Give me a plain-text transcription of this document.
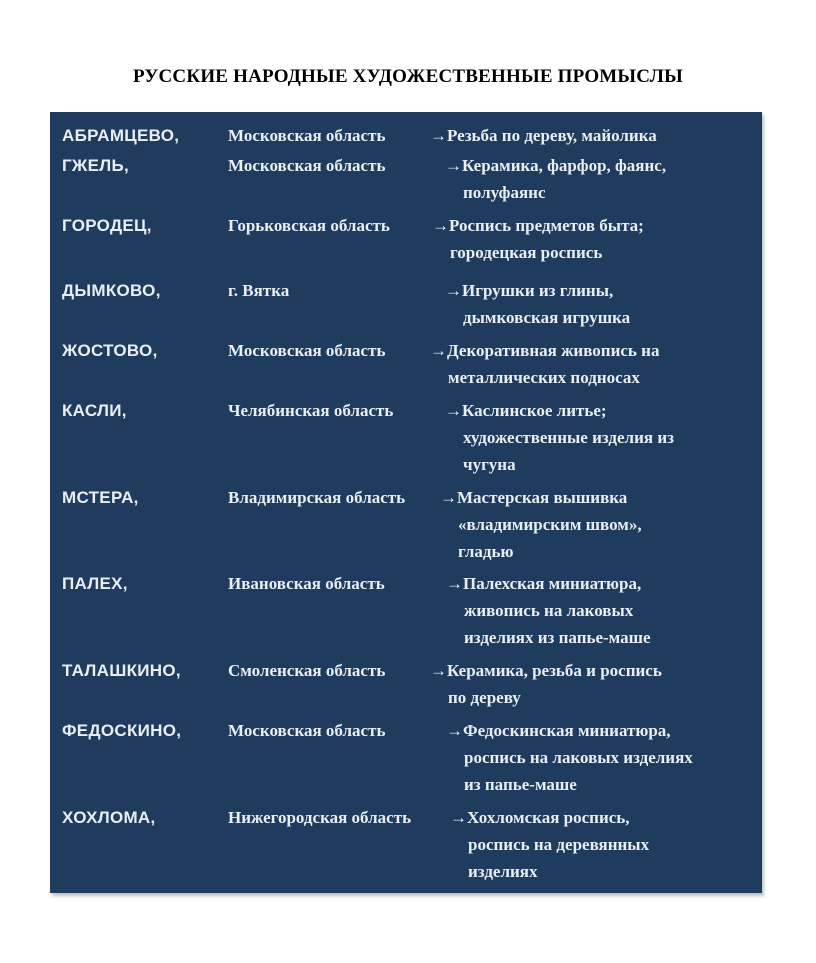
РУССКИЕ НАРОДНЫЕ ХУДОЖЕСТВЕННЫЕ ПРОМЫСЛЫ
АБРАМЦЕВО,	Московская область	→Резьба по дереву, майолика
ГЖЕЛЬ,	Московская область	→Керамика, фарфор, фаянс,
полуфаянс
ГОРОДЕЦ,	Горьковская область →Роспись предметов быта;
городецкая роспись
ДЫМКОВО,	г. Вятка	→Игрушки из глины,
дымковская игрушка
ЖОСТОВО,	Московская область	→Декоративная живопись на
металлических подносах
КАСЛИ,	Челябинская область	→Каслинское литье;
художественные изделия из
чугуна
МСТЕРА,	Владимирская область →Мастерская вышивка
«владимирским швом»,
гладью
ПАЛЕХ,	Ивановская область	→Палехская миниатюра,
живопись на лаковых
изделиях из папье-маше
ТАЛАШКИНО,	Смоленская область	→Керамика, резьба и роспись
по дереву
ФЕДОСКИНО,	Московская область	→Федоскинская миниатюра,
роспись на лаковых изделиях
из папье-маше
ХОХЛОМА,	Нижегородская область →Хохломская роспись,
роспись на деревянных
изделиях
